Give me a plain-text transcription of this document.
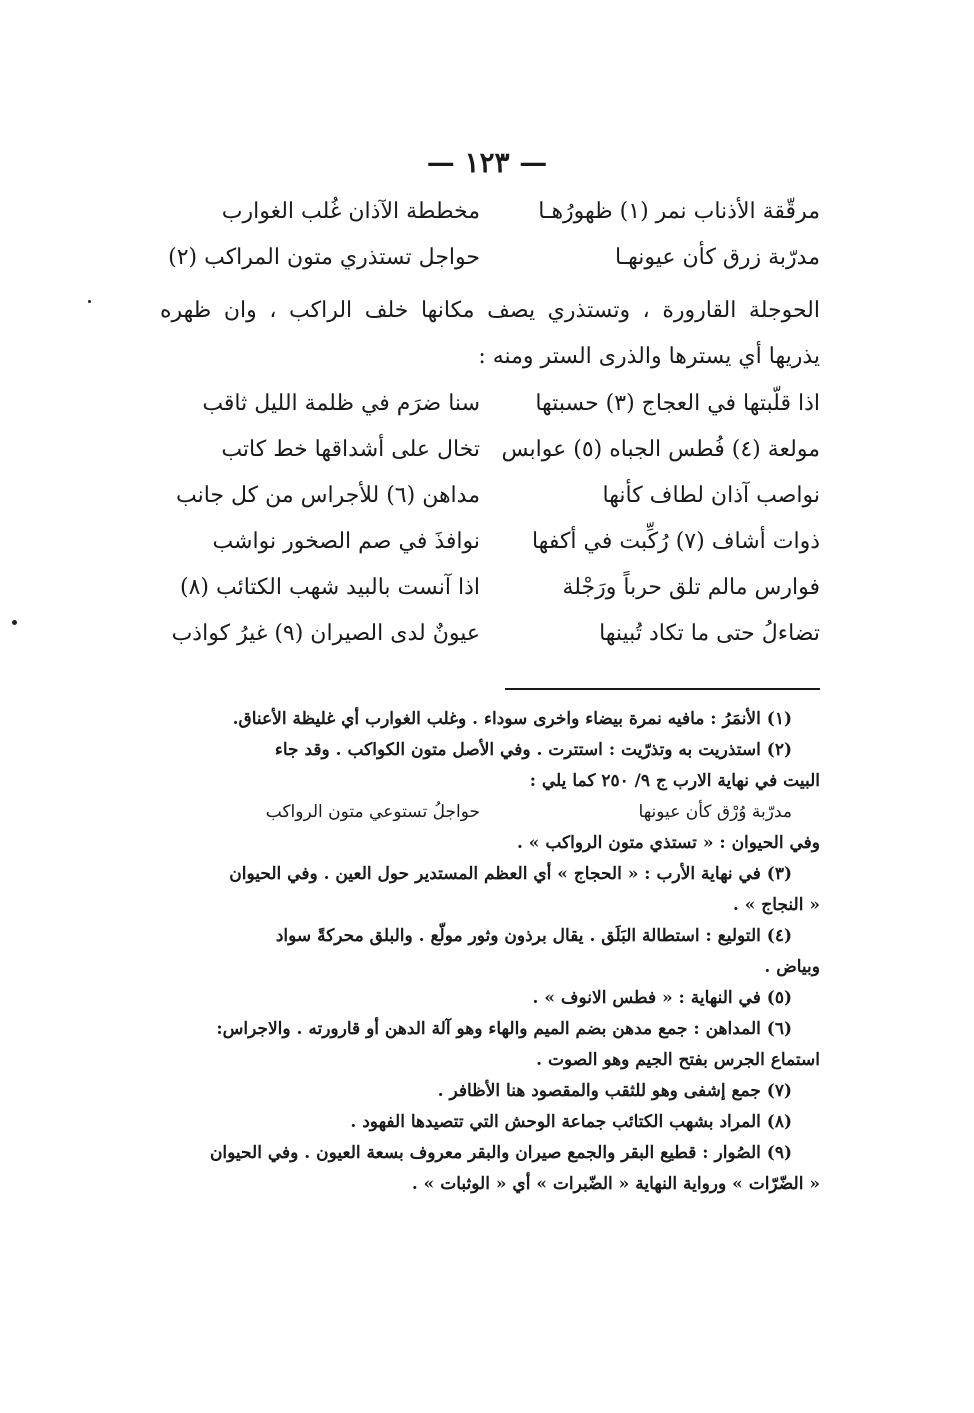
— ١٢٣ —
مرقّقة الأذناب نمر (١) ظهورُهـا
مخططة الآذان غُلب الغوارب
مدرّبة زرق كأن عيونهـا
حواجل تستذري متون المراكب (٢)
الحوجلة القارورة ، وتستذري يصف مكانها خلف الراكب ، وان ظهره يذريها أي يسترها والذرى الستر ومنه :
اذا قلّبتها في العجاج (٣) حسبتها
سنا ضرَم في ظلمة الليل ثاقب
مولعة (٤) فُطس الجباه (٥) عوابس
تخال على أشداقها خط كاتب
نواصب آذان لطاف كأنها
مداهن (٦) للأجراس من كل جانب
ذوات أشاف (٧) رُكِّبت في أكفها
نوافذَ في صم الصخور نواشب
فوارس مالم تلق حرباً ورَجْلة
اذا آنست بالبيد شهب الكتائب (٨)
تضاءلُ حتى ما تكاد تُبينها
عيونٌ لدى الصيران (٩) غيرُ كواذب

(١) الأنمَرُ : مافيه نمرة بيضاء واخرى سوداء . وغلب الغوارب أي غليظة الأعناق.

(٢) استذريت به وتذرّيت : استترت . وفي الأصل متون الكواكب . وقد جاء

البيت في نهاية الارب ج ٩/ ٢٥٠ كما يلي :

مدرّبة وُرْق كأن عيونها
حواجلُ تستوعي متون الرواكب

وفي الحيوان : « تستذي متون الرواكب » .

(٣) في نهاية الأرب : « الحجاج » أي العظم المستدير حول العين . وفي الحيوان

« النجاج » .

(٤) التوليع : استطالة البَلَق . يقال برذون وثور مولّع . والبلق محركةً سواد

وبياض .

(٥) في النهاية : « فطس الانوف » .

(٦) المداهن : جمع مدهن بضم الميم والهاء وهو آلة الدهن أو قارورته . والاجراس:

استماع الجرس بفتح الجيم وهو الصوت .

(٧) جمع إشفى وهو للثقب والمقصود هنا الأظافر .

(٨) المراد بشهب الكتائب جماعة الوحش التي تتصيدها الفهود .

(٩) الصُوار : قطيع البقر والجمع صيران والبقر معروف بسعة العيون . وفي الحيوان

« الضّرّات » ورواية النهاية « الضّبرات » أي « الوثبات » .
